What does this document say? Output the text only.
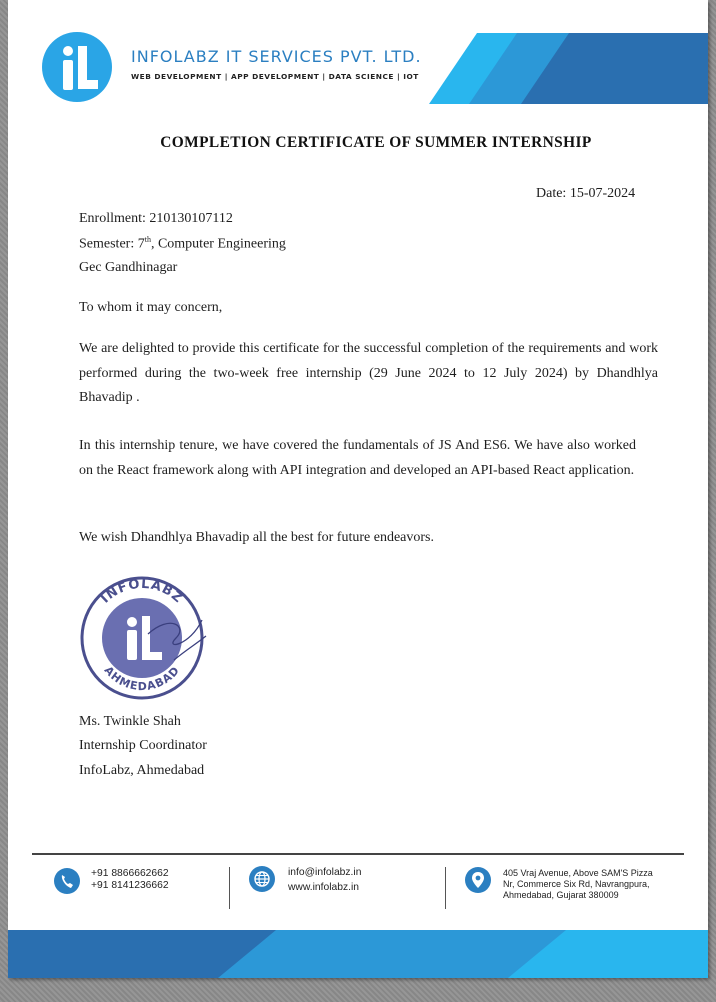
INFOLABZ IT SERVICES PVT. LTD.
WEB DEVELOPMENT | APP DEVELOPMENT | DATA SCIENCE | IOT
COMPLETION CERTIFICATE OF SUMMER INTERNSHIP
Date: 15-07-2024
Enrollment: 210130107112
Semester: 7th, Computer Engineering
Gec Gandhinagar
To whom it may concern,
We are delighted to provide this certificate for the successful completion of the requirements and work performed during the two-week free internship (29 June 2024 to 12 July 2024) by Dhandhlya Bhavadip .
In this internship tenure, we have covered the fundamentals of JS And ES6. We have also worked on the React framework along with API integration and developed an API-based React application.
We wish Dhandhlya Bhavadip all the best for future endeavors.
INFOLABZ
AHMEDABAD
Ms. Twinkle Shah
Internship Coordinator
InfoLabz, Ahmedabad
+91 8866662662
+91 8141236662
info@infolabz.in
www.infolabz.in
405 Vraj Avenue, Above SAM'S Pizza
Nr, Commerce Six Rd, Navrangpura,
Ahmedabad, Gujarat 380009
